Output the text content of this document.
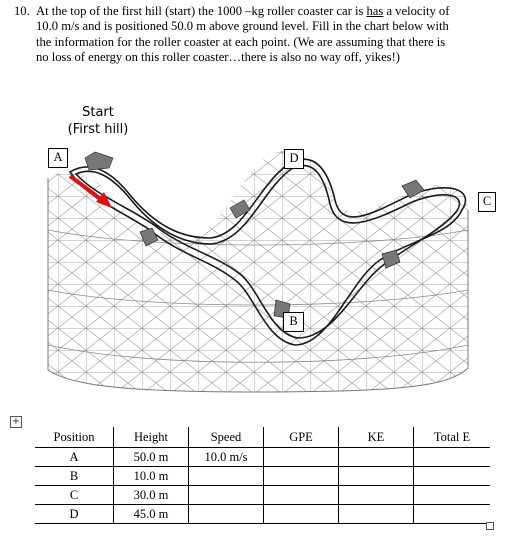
10. At the top of the first hill (start) the 1000 –kg roller coaster car is has a velocity of
10.0 m/s and is positioned 50.0 m above ground level. Fill in the chart below with
the information for the roller coaster at each point. (We are assuming that there is
no loss of energy on this roller coaster…there is also no way off, yikes!)
Start
(First hill)
A	D
C
B
+
Position	Height	Speed	GPE	KE	Total E
A	50.0 m	10.0 m/s			
B	10.0 m				
C	30.0 m				
D	45.0 m				
